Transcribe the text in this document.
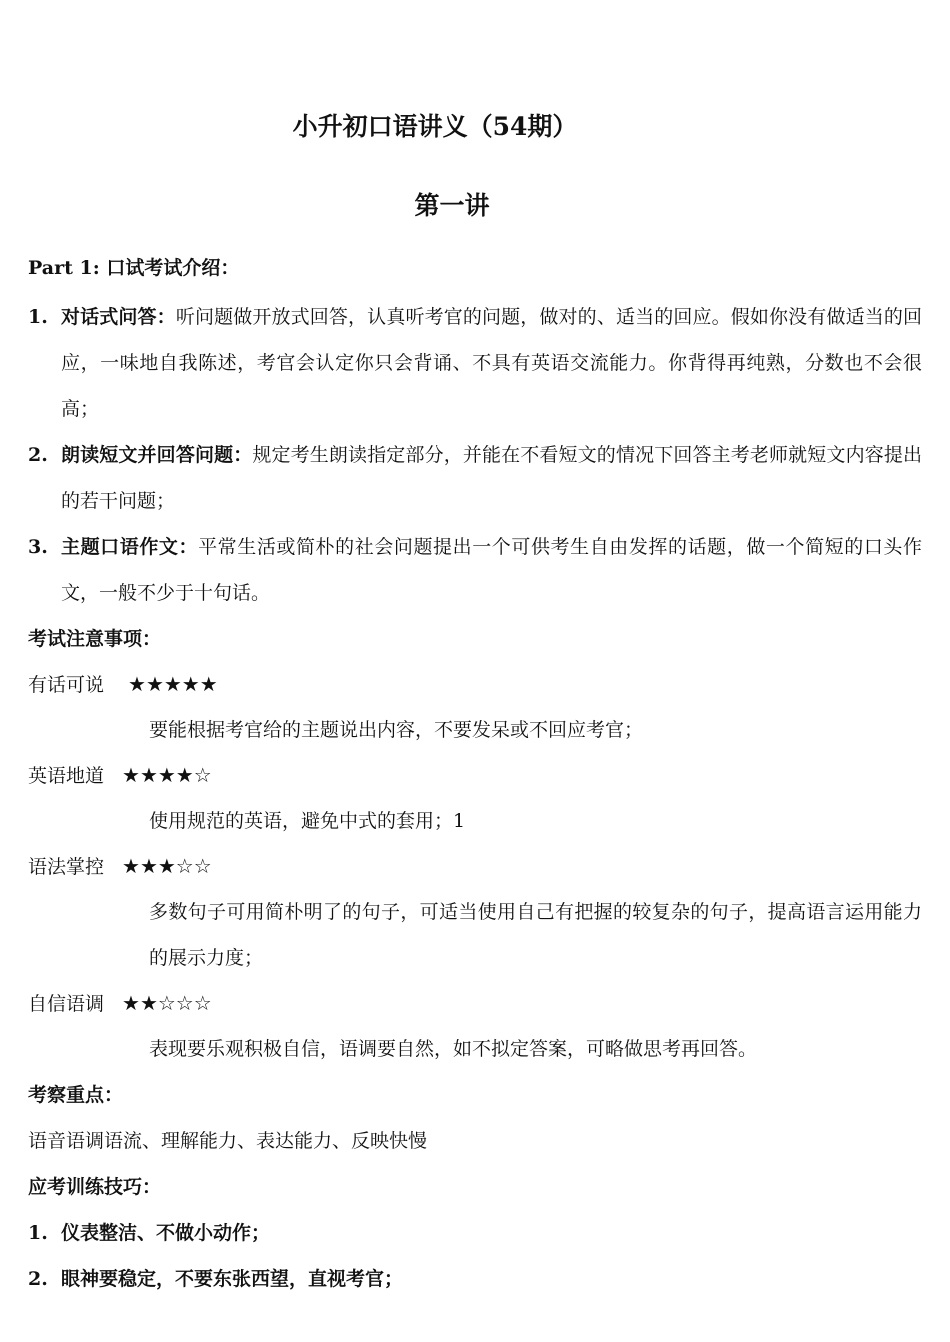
小升初口语讲义（54期）
第一讲

Part 1: 口试考试介绍：

1. 对话式问答：听问题做开放式回答，认真听考官的问题，做对的、适当的回应。假如你没有做适当的回应，一味地自我陈述，考官会认定你只会背诵、不具有英语交流能力。你背得再纯熟，分数也不会很高；
2. 朗读短文并回答问题：规定考生朗读指定部分，并能在不看短文的情况下回答主考老师就短文内容提出的若干问题；
3. 主题口语作文：平常生活或简朴的社会问题提出一个可供考生自由发挥的话题，做一个简短的口头作文，一般不少于十句话。

考试注意事项：

有话可说 ★★★★★

要能根据考官给的主题说出内容，不要发呆或不回应考官；

英语地道 ★★★★☆

使用规范的英语，避免中式的套用；1

语法掌控 ★★★☆☆

多数句子可用简朴明了的句子，可适当使用自己有把握的较复杂的句子，提高语言运用能力的展示力度；

自信语调 ★★☆☆☆

表现要乐观积极自信，语调要自然，如不拟定答案，可略做思考再回答。

考察重点：

语音语调语流、理解能力、表达能力、反映快慢

应考训练技巧：

1. 仪表整洁、不做小动作；
2. 眼神要稳定，不要东张西望，直视考官；
